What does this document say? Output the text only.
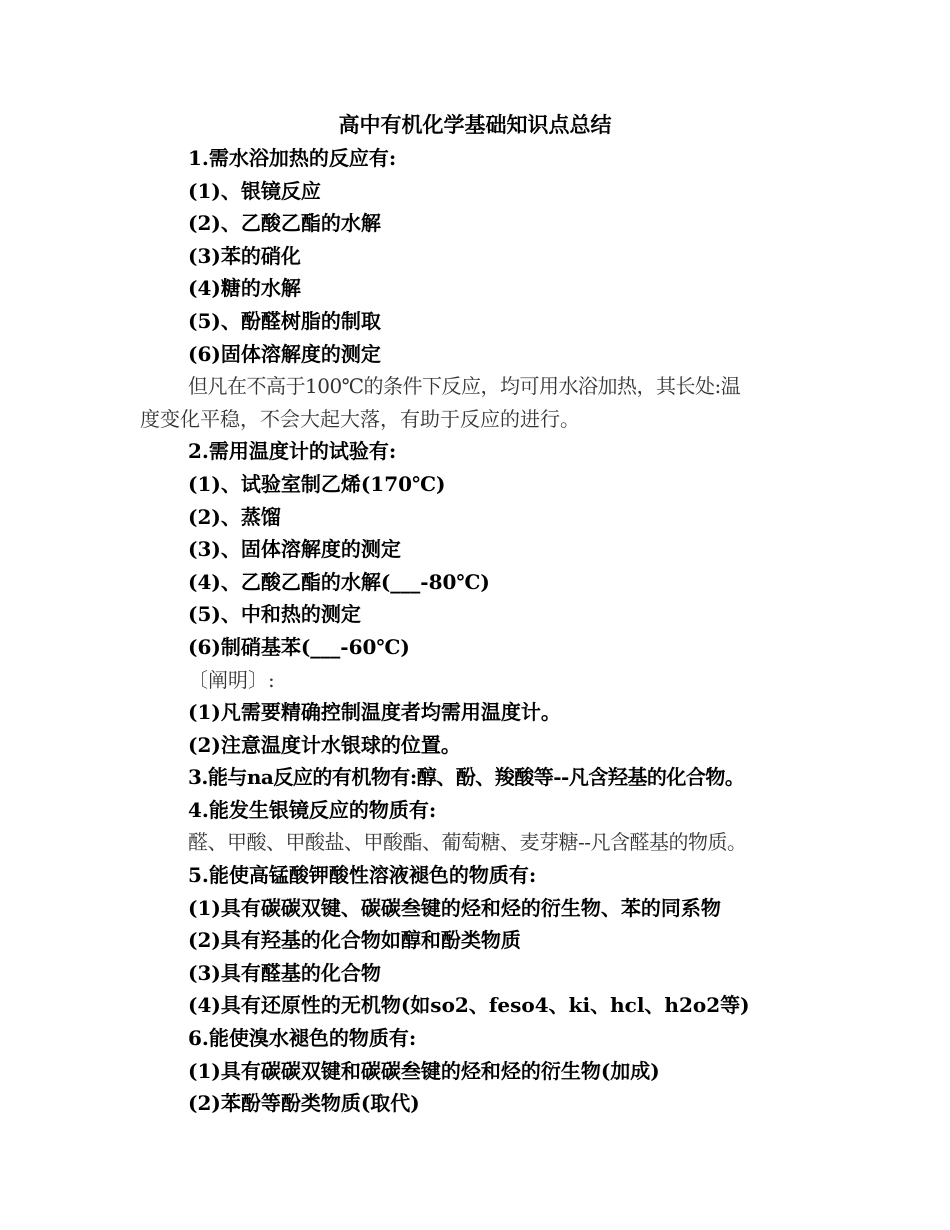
高中有机化学基础知识点总结
1.需水浴加热的反应有:
(1)、银镜反应
(2)、乙酸乙酯的水解
(3)苯的硝化
(4)糖的水解
(5)、酚醛树脂的制取
(6)固体溶解度的测定
但凡在不高于100℃的条件下反应，均可用水浴加热，其长处:温
度变化平稳，不会大起大落，有助于反应的进行。
2.需用温度计的试验有:
(1)、试验室制乙烯(170℃)
(2)、蒸馏
(3)、固体溶解度的测定
(4)、乙酸乙酯的水解(___-80℃)
(5)、中和热的测定
(6)制硝基苯(___-60℃)
〔阐明〕:
(1)凡需要精确控制温度者均需用温度计。
(2)注意温度计水银球的位置。
3.能与na反应的有机物有:醇、酚、羧酸等--凡含羟基的化合物。
4.能发生银镜反应的物质有:
醛、甲酸、甲酸盐、甲酸酯、葡萄糖、麦芽糖--凡含醛基的物质。
5.能使高锰酸钾酸性溶液褪色的物质有:
(1)具有碳碳双键、碳碳叁键的烃和烃的衍生物、苯的同系物
(2)具有羟基的化合物如醇和酚类物质
(3)具有醛基的化合物
(4)具有还原性的无机物(如so2、feso4、ki、hcl、h2o2等)
6.能使溴水褪色的物质有:
(1)具有碳碳双键和碳碳叁键的烃和烃的衍生物(加成)
(2)苯酚等酚类物质(取代)
